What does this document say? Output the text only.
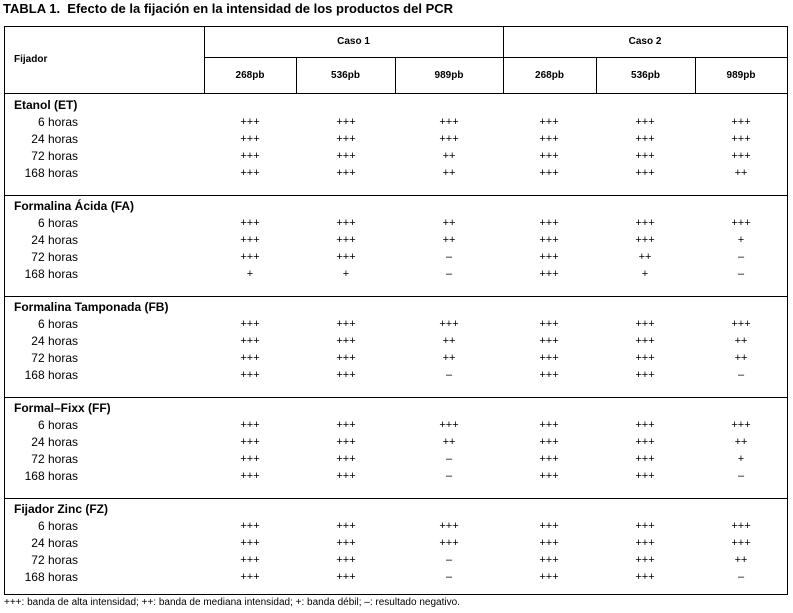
TABLA 1.  Efecto de la fijación en la intensidad de los productos del PCR
Fijador
Caso 1	Caso 2
268pb	536pb	989pb	268pb	536pb	989pb
Etanol (ET)
6 horas	+++	+++	+++	+++	+++	+++
24 horas	+++	+++	+++	+++	+++	+++
72 horas	+++	+++	++	+++	+++	+++
168 horas	+++	+++	++	+++	+++	++
Formalina Ácida (FA)
6 horas	+++	+++	++	+++	+++	+++
24 horas	+++	+++	++	+++	+++	+
72 horas	+++	+++	–	+++	++	–
168 horas	+	+	–	+++	+	–
Formalina Tamponada (FB)
6 horas	+++	+++	+++	+++	+++	+++
24 horas	+++	+++	++	+++	+++	++
72 horas	+++	+++	++	+++	+++	++
168 horas	+++	+++	–	+++	+++	–
Formal–Fixx (FF)
6 horas	+++	+++	+++	+++	+++	+++
24 horas	+++	+++	++	+++	+++	++
72 horas	+++	+++	–	+++	+++	+
168 horas	+++	+++	–	+++	+++	–
Fijador Zinc (FZ)
6 horas	+++	+++	+++	+++	+++	+++
24 horas	+++	+++	+++	+++	+++	+++
72 horas	+++	+++	–	+++	+++	++
168 horas	+++	+++	–	+++	+++	–
+++: banda de alta intensidad; ++: banda de mediana intensidad; +: banda débil; –: resultado negativo.
